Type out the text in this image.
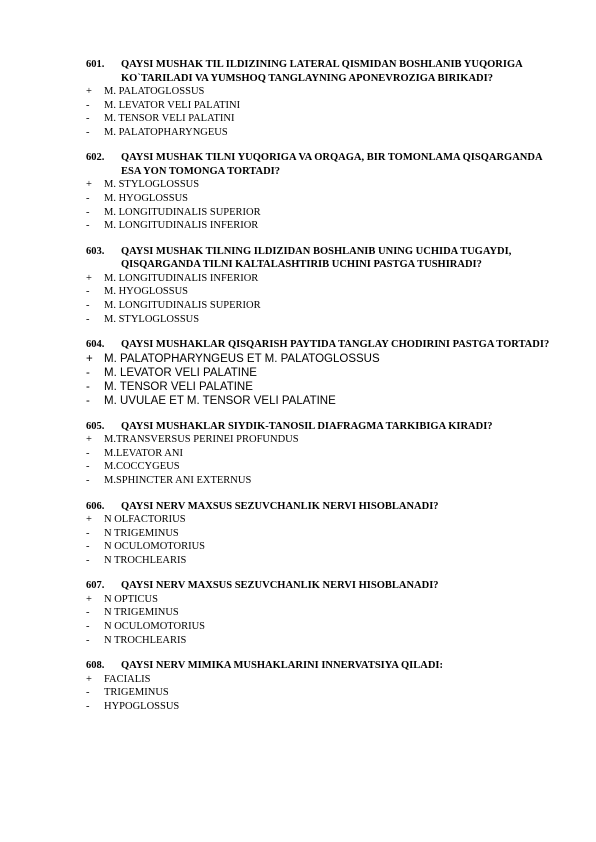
601.	QAYSI MUSHAK TIL ILDIZINING LATERAL QISMIDAN BOSHLANIB YUQORIGA KO`TARILADI VA YUMSHOQ TANGLAYNING APONEVROZIGA BIRIKADI?
+	M. PALATOGLOSSUS
-	M. LEVATOR VELI PALATINI
-	M. TENSOR VELI PALATINI
-	M. PALATOPHARYNGEUS
602.	QAYSI MUSHAK TILNI YUQORIGA VA ORQAGA, BIR TOMONLAMA QISQARGANDA ESA YON TOMONGA TORTADI?
+	M. STYLOGLOSSUS
-	M. HYOGLOSSUS
-	M. LONGITUDINALIS SUPERIOR
-	M. LONGITUDINALIS INFERIOR
603.	QAYSI MUSHAK TILNING ILDIZIDAN BOSHLANIB UNING UCHIDA TUGAYDI, QISQARGANDA TILNI KALTALASHTIRIB UCHINI PASTGA TUSHIRADI?
+	M. LONGITUDINALIS INFERIOR
-	M. HYOGLOSSUS
-	M. LONGITUDINALIS SUPERIOR
-	M. STYLOGLOSSUS
604.	QAYSI MUSHAKLAR QISQARISH PAYTIDA TANGLAY CHODIRINI PASTGA TORTADI?
+ M. PALATOPHARYNGEUS ET M. PALATOGLOSSUS
-	M. LEVATOR VELI PALATINE
-	M. TENSOR VELI PALATINE
-	M. UVULAE ET M. TENSOR VELI PALATINE
605.	QAYSI MUSHAKLAR SIYDIK-TANOSIL DIAFRAGMA TARKIBIGA KIRADI?
+	M.TRANSVERSUS PERINEI PROFUNDUS
-	M.LEVATOR ANI
-	M.COCCYGEUS
-	M.SPHINCTER ANI EXTERNUS
606.	QAYSI NERV MAXSUS SEZUVCHANLIK NERVI HISOBLANADI?
+	N OLFACTORIUS
-	N TRIGEMINUS
-	N OCULOMOTORIUS
-	N TROCHLEARIS
607.	QAYSI NERV MAXSUS SEZUVCHANLIK NERVI HISOBLANADI?
+	N OPTICUS
-	N TRIGEMINUS
-	N OCULOMOTORIUS
-	N TROCHLEARIS
608.	QAYSI NERV MIMIKA MUSHAKLARINI INNERVATSIYA QILADI:
+	FACIALIS
-	TRIGEMINUS
-	HYPOGLOSSUS
